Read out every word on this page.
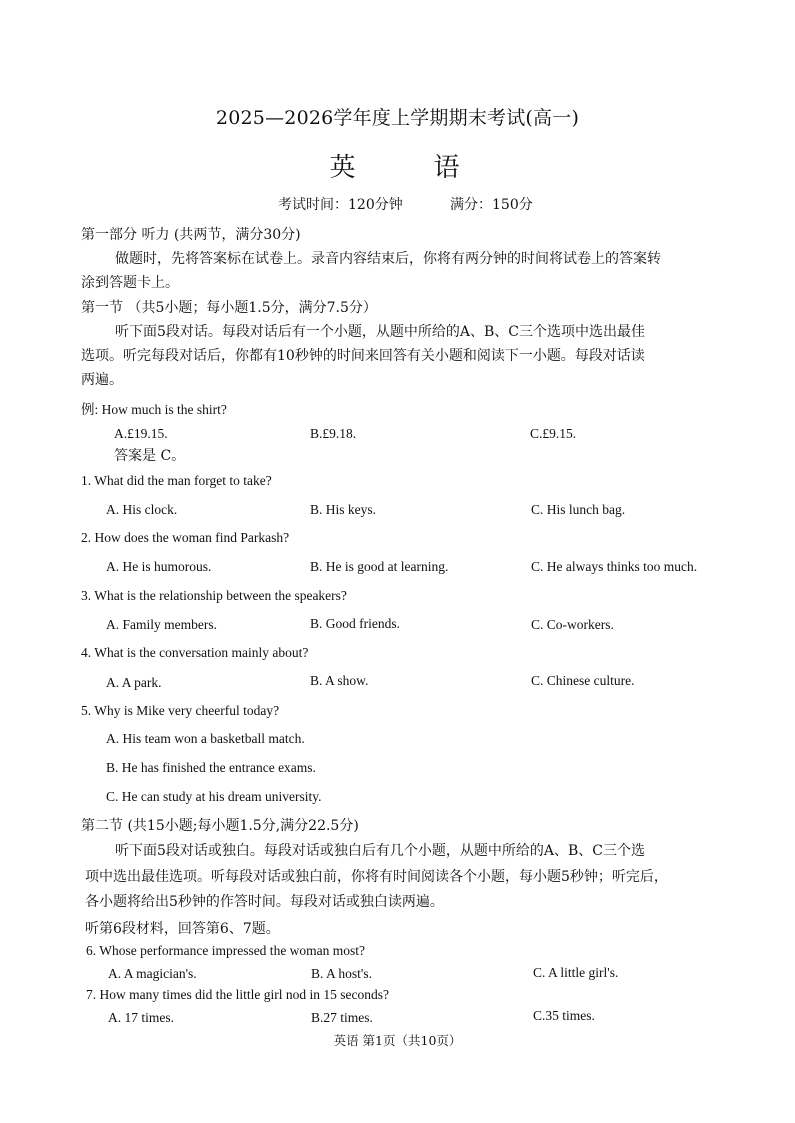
2025—2026学年度上学期期末考试(高一)
英　语
考试时间：120分钟	满分：150分
第一部分 听力 (共两节，满分30分)
做题时，先将答案标在试卷上。录音内容结束后，你将有两分钟的时间将试卷上的答案转
涂到答题卡上。
第一节 （共5小题；每小题1.5分，满分7.5分）
听下面5段对话。每段对话后有一个小题，从题中所给的A、B、C三个选项中选出最佳
选项。听完每段对话后，你都有10秒钟的时间来回答有关小题和阅读下一小题。每段对话读
两遍。
例: How much is the shirt?
A.£19.15.	B.£9.18.	C.£9.15.
答案是 C。
1. What did the man forget to take?
A. His clock.	B. His keys.	C. His lunch bag.
2. How does the woman find Parkash?
A. He is humorous.	B. He is good at learning.	C. He always thinks too much.
3. What is the relationship between the speakers?
A. Family members.	B. Good friends.	C. Co-workers.
4. What is the conversation mainly about?
A. A park.	B. A show.	C. Chinese culture.
5. Why is Mike very cheerful today?
A. His team won a basketball match.
B. He has finished the entrance exams.
C. He can study at his dream university.
第二节 (共15小题;每小题1.5分,满分22.5分)
听下面5段对话或独白。每段对话或独白后有几个小题，从题中所给的A、B、C三个选
项中选出最佳选项。听每段对话或独白前，你将有时间阅读各个小题，每小题5秒钟；听完后，
各小题将给出5秒钟的作答时间。每段对话或独白读两遍。
听第6段材料，回答第6、7题。
6. Whose performance impressed the woman most?
A. A magician's.	B. A host's.	C. A little girl's.
7. How many times did the little girl nod in 15 seconds?
A. 17 times.	B.27 times.	C.35 times.
英语 第1页（共10页）
